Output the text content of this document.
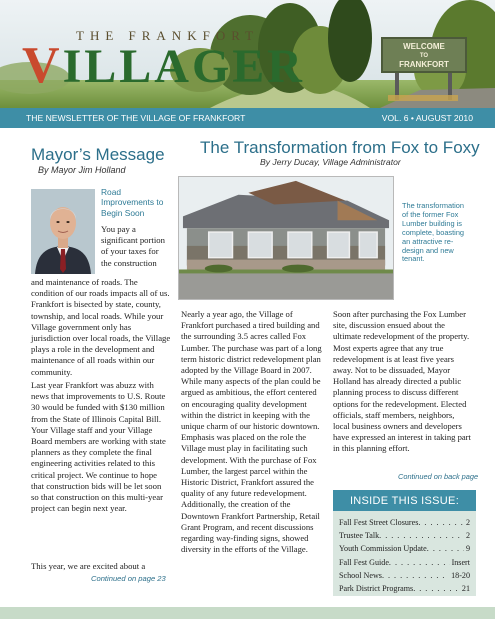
WELCOME
TO
FRANKFORT
THE FRANKFORT
VILLAGER
THE NEWSLETTER OF THE VILLAGE OF FRANKFORT	VOL. 6 • AUGUST 2010
Mayor’s Message
By Mayor Jim Holland
Road Improvements to Begin Soon
You pay a significant portion of your taxes for the construction
and maintenance of roads. The condition of our roads impacts all of us. Frankfort is bisected by state, county, township, and local roads. While your Village government only has jurisdiction over local roads, the Village plays a role in the development and maintenance of all roads within our community.
Last year Frankfort was abuzz with news that improvements to U.S. Route 30 would be funded with $130 million from the State of Illinois Capital Bill. Your Village staff and your Village Board members are working with state planners as they complete the final engineering activities related to this critical project. We continue to hope that construction bids will be let soon so that construction on this multi-year project can begin next year.
This year, we are excited about a
Continued on page 23
The Transformation from Fox to Foxy
By Jerry Ducay, Village Administrator
The transformation of the former Fox Lumber building is complete, boasting an attractive re-design and new tenant.
Nearly a year ago, the Village of Frankfort purchased a tired building and the surrounding 3.5 acres called Fox Lumber. The purchase was part of a long term historic district redevelopment plan adopted by the Village Board in 2007. While many aspects of the plan could be argued as ambitious, the effort centered on encouraging quality development within the district in keeping with the unique charm of our historic downtown. Emphasis was placed on the role the Village must play in facilitating such development. With the purchase of Fox Lumber, the largest parcel within the Historic District, Frankfort assured the quality of any future redevelopment. Additionally, the creation of the Downtown Frankfort Partnership, Retail Grant Program, and recent discussions regarding way-finding signs, showed diversity in the efforts of the Village.
Soon after purchasing the Fox Lumber site, discussion ensued about the ultimate redevelopment of the property. Most experts agree that any true redevelopment is at least five years away. Not to be dissuaded, Mayor Holland has already directed a public planning process to discuss different options for the redevelopment. Elected officials, staff members, neighbors, local business owners and developers have expressed an interest in taking part in this planning effort.
Continued on back page
INSIDE THIS ISSUE:
Fall Fest Street Closures . . .	2
Trustee Talk . . .	2
Youth Commission Update . . .	9
Fall Fest Guide . . .	Insert
School News . . .	18-20
Park District Programs . . .	21
